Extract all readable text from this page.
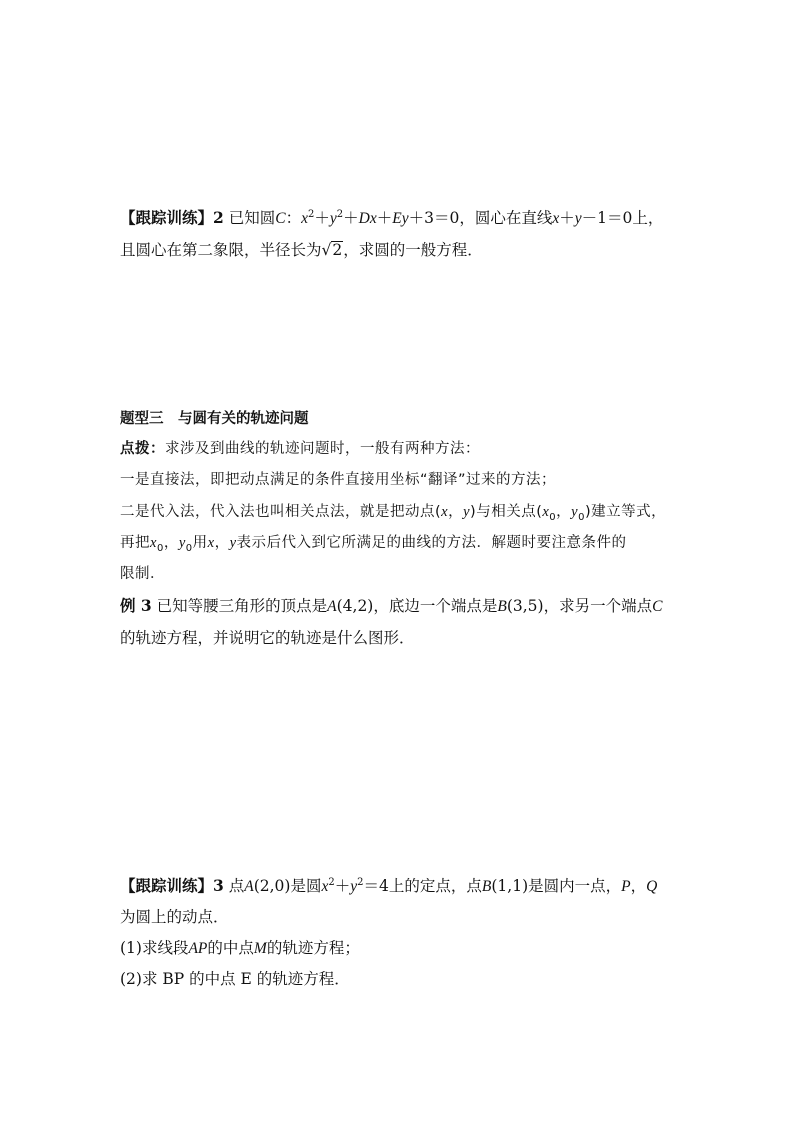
【跟踪训练】2 已知圆C：$x^2+y^2+Dx+Ey+3=0$，圆心在直线x＋y－1＝0上，
且圆心在第二象限，半径长为√2，求圆的一般方程．
题型三　与圆有关的轨迹问题
点拨：求涉及到曲线的轨迹问题时，一般有两种方法：
一是直接法，即把动点满足的条件直接用坐标“翻译”过来的方法；
二是代入法，代入法也叫相关点法，就是把动点(x，y)与相关点($x_0$，$y_0$)建立等式，
再把$x_0$，$y_0$用x，y表示后代入到它所满足的曲线的方法．解题时要注意条件的
限制．
例 3 已知等腰三角形的顶点是A(4,2)，底边一个端点是B(3,5)，求另一个端点C
的轨迹方程，并说明它的轨迹是什么图形．
【跟踪训练】3 点A(2,0)是圆$x^2+y^2=4$上的定点，点B(1,1)是圆内一点，P，Q
为圆上的动点．
(1)求线段AP的中点M的轨迹方程；
(2)求 BP 的中点 E 的轨迹方程．
